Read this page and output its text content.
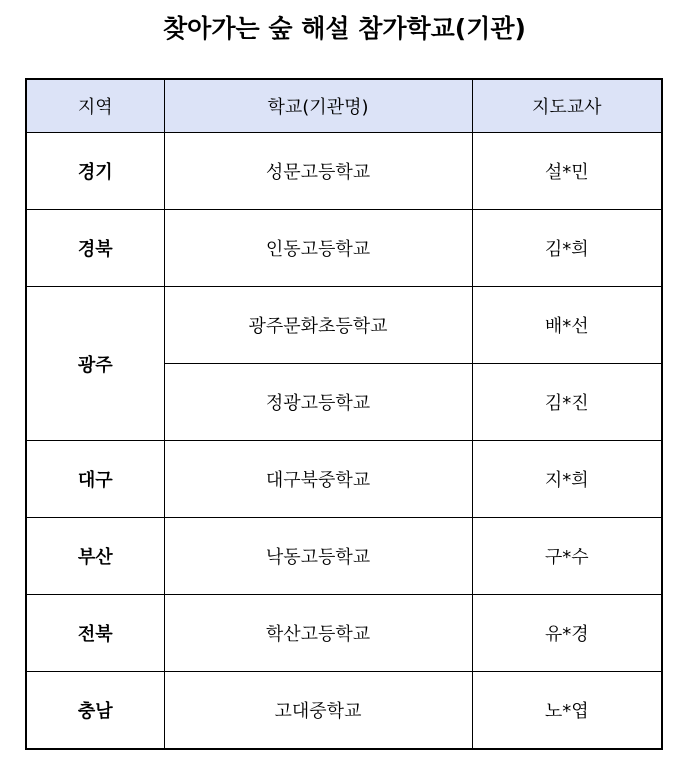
찾아가는 숲 해설 참가학교(기관)
지역	학교(기관명)	지도교사
경기	성문고등학교	설*민
경북	인동고등학교	김*희
광주	광주문화초등학교	배*선
	정광고등학교	김*진
대구	대구북중학교	지*희
부산	낙동고등학교	구*수
전북	학산고등학교	유*경
충남	고대중학교	노*엽
